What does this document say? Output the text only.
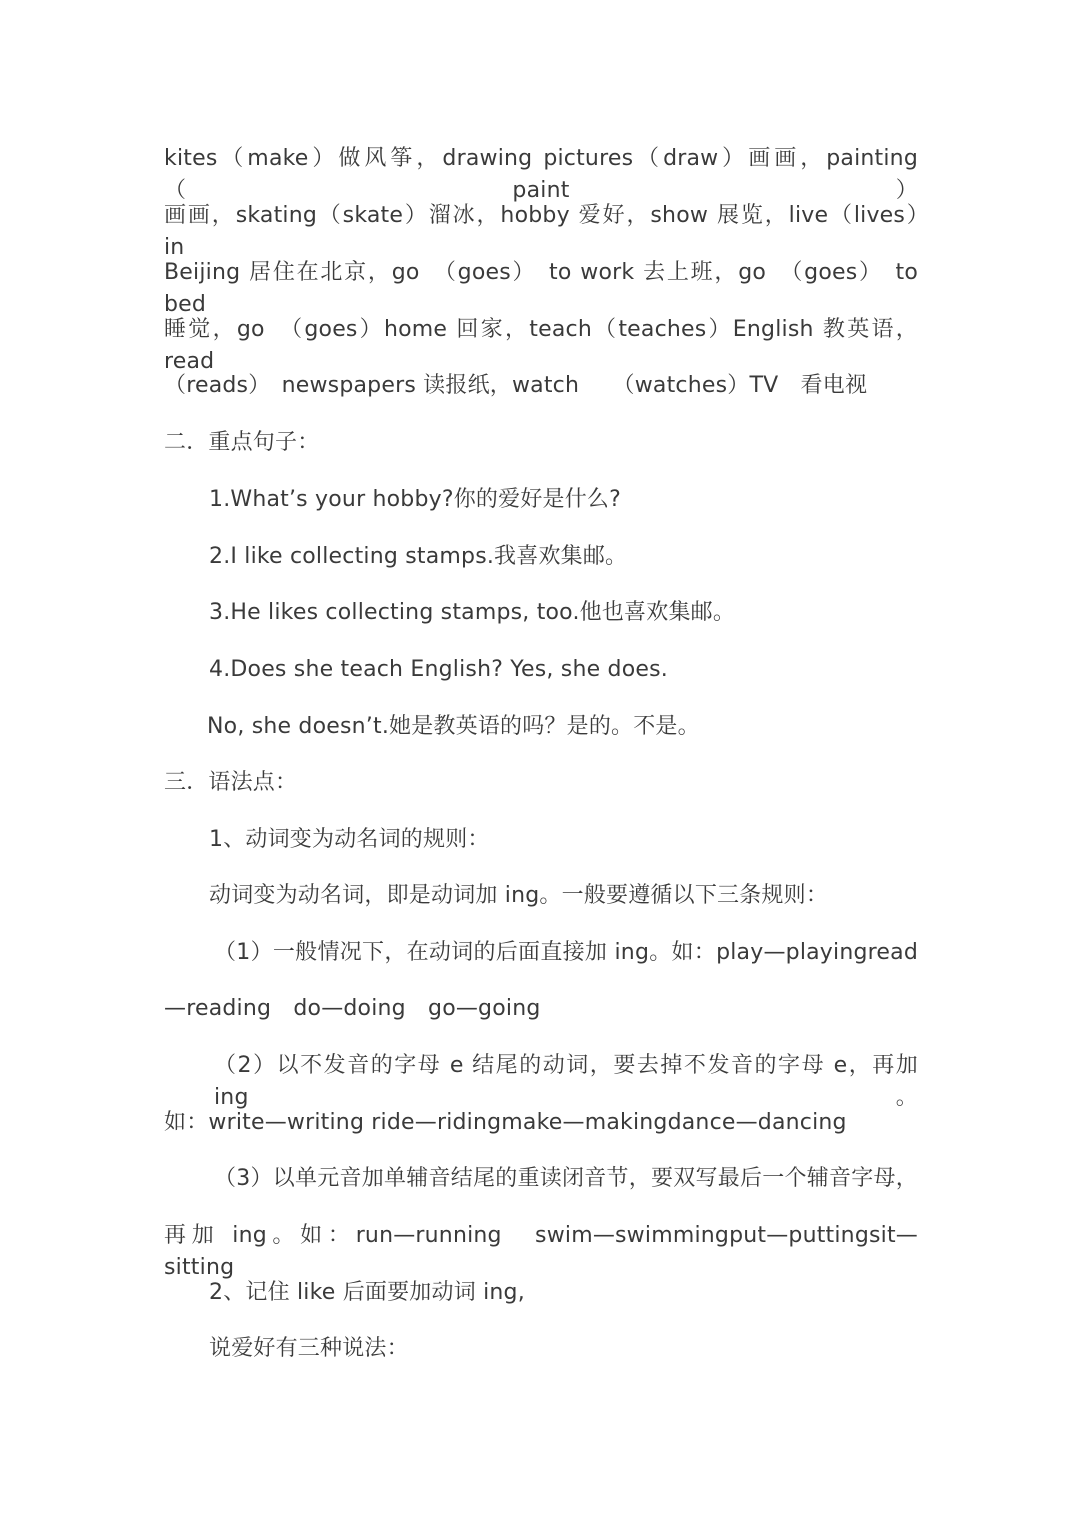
kites（make）做风筝，drawing pictures（draw）画画，painting（paint）
画画，skating（skate）溜冰，hobby 爱好，show 展览，live（lives）　in
Beijing 居住在北京，go　（goes）　to work 去上班，go　（goes）　to bed
睡觉，go　（goes）home 回家，teach（teaches）English 教英语，read
（reads）　newspapers 读报纸，watch　　（watches）TV　看电视
二．重点句子：
1.What’s your hobby?你的爱好是什么?
2.I like collecting stamps.我喜欢集邮。
3.He likes collecting stamps, too.他也喜欢集邮。
4.Does she teach English? Yes, she does.
No, she doesn’t.她是教英语的吗？是的。不是。
三．语法点：
1、动词变为动名词的规则：
动词变为动名词，即是动词加 ing。一般要遵循以下三条规则：
（1）一般情况下，在动词的后面直接加 ing。如：play—playingread
—reading　do—doing　go—going
（2）以不发音的字母 e 结尾的动词，要去掉不发音的字母 e，再加 ing。
如：write—writing ride—ridingmake—makingdance—dancing
（3）以单元音加单辅音结尾的重读闭音节，要双写最后一个辅音字母，
再加 ing。如：run—running　swim—swimmingput—puttingsit—sitting
2、记住 like 后面要加动词 ing,
说爱好有三种说法：
